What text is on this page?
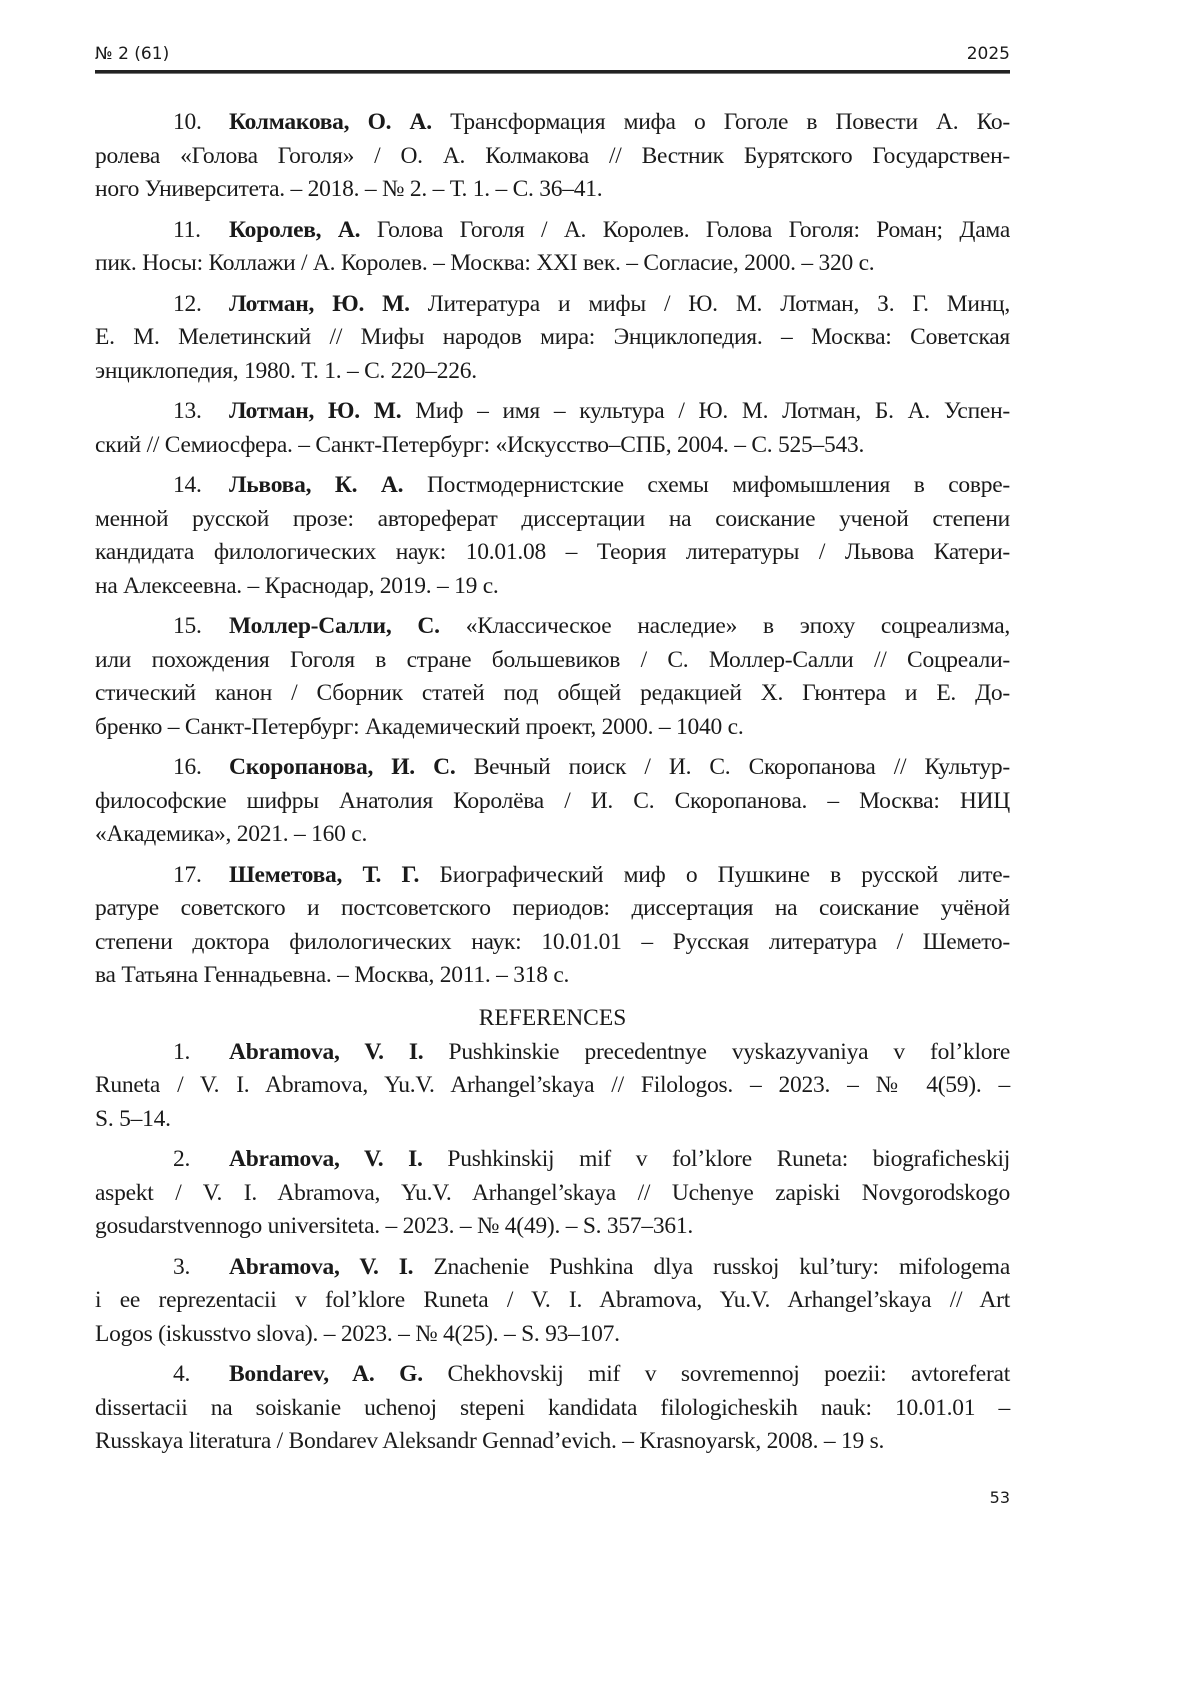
№ 2 (61)	2025
10. Колмакова, О. А. Трансформация мифа о Гоголе в Повести А. Ко-
ролева «Голова Гоголя» / О. А. Колмакова // Вестник Бурятского Государствен-
ного Университета. – 2018. – № 2. – Т. 1. – С. 36–41.
11. Королев, А. Голова Гоголя / А. Королев. Голова Гоголя: Роман; Дама
пик. Носы: Коллажи / А. Королев. – Москва: XXI век. – Согласие, 2000. – 320 с.
12. Лотман, Ю. М. Литература и мифы / Ю. М. Лотман, З. Г. Минц,
Е. М. Мелетинский // Мифы народов мира: Энциклопедия. – Москва: Советская
энциклопедия, 1980. Т. 1. – С. 220–226.
13. Лотман, Ю. М. Миф – имя – культура / Ю. М. Лотман, Б. А. Успен-
ский // Семиосфера. – Санкт-Петербург: «Искусство–СПБ, 2004. – С. 525–543.
14. Львова, К. А. Постмодернистские схемы мифомышления в совре-
менной русской прозе: автореферат диссертации на соискание ученой степени
кандидата филологических наук: 10.01.08 – Теория литературы / Львова Катери-
на Алексеевна. – Краснодар, 2019. – 19 с.
15. Моллер-Салли, С. «Классическое наследие» в эпоху соцреализма,
или похождения Гоголя в стране большевиков / С. Моллер-Салли // Соцреали-
стический канон / Сборник статей под общей редакцией Х. Гюнтера и Е. До-
бренко – Санкт-Петербург: Академический проект, 2000. – 1040 с.
16. Скоропанова, И. С. Вечный поиск / И. С. Скоропанова // Культур-
философские шифры Анатолия Королёва / И. С. Скоропанова. – Москва: НИЦ
«Академика», 2021. – 160 с.
17. Шеметова, Т. Г. Биографический миф о Пушкине в русской лите-
ратуре советского и постсоветского периодов: диссертация на соискание учёной
степени доктора филологических наук: 10.01.01 – Русская литература / Шемето-
ва Татьяна Геннадьевна. – Москва, 2011. – 318 с.
REFERENCES
1. Abramova, V. I. Pushkinskie precedentnye vyskazyvaniya v fol’klore
Runeta / V. I. Abramova, Yu.V. Arhangel’skaya // Filologos. – 2023. – № 4(59). –
S. 5–14.
2. Abramova, V. I. Pushkinskij mif v fol’klore Runeta: biograficheskij
aspekt / V. I. Abramova, Yu.V. Arhangel’skaya // Uchenye zapiski Novgorodskogo
gosudarstvennogo universiteta. – 2023. – № 4(49). – S. 357–361.
3. Abramova, V. I. Znachenie Pushkina dlya russkoj kul’tury: mifologema
i ee reprezentacii v fol’klore Runeta / V. I. Abramova, Yu.V. Arhangel’skaya // Art
Logos (iskusstvo slova). – 2023. – № 4(25). – S. 93–107.
4. Bondarev, A. G. Chekhovskij mif v sovremennoj poezii: avtoreferat
dissertacii na soiskanie uchenoj stepeni kandidata filologicheskih nauk: 10.01.01 –
Russkaya literatura / Bondarev Aleksandr Gennad’evich. – Krasnoyarsk, 2008. – 19 s.
53
